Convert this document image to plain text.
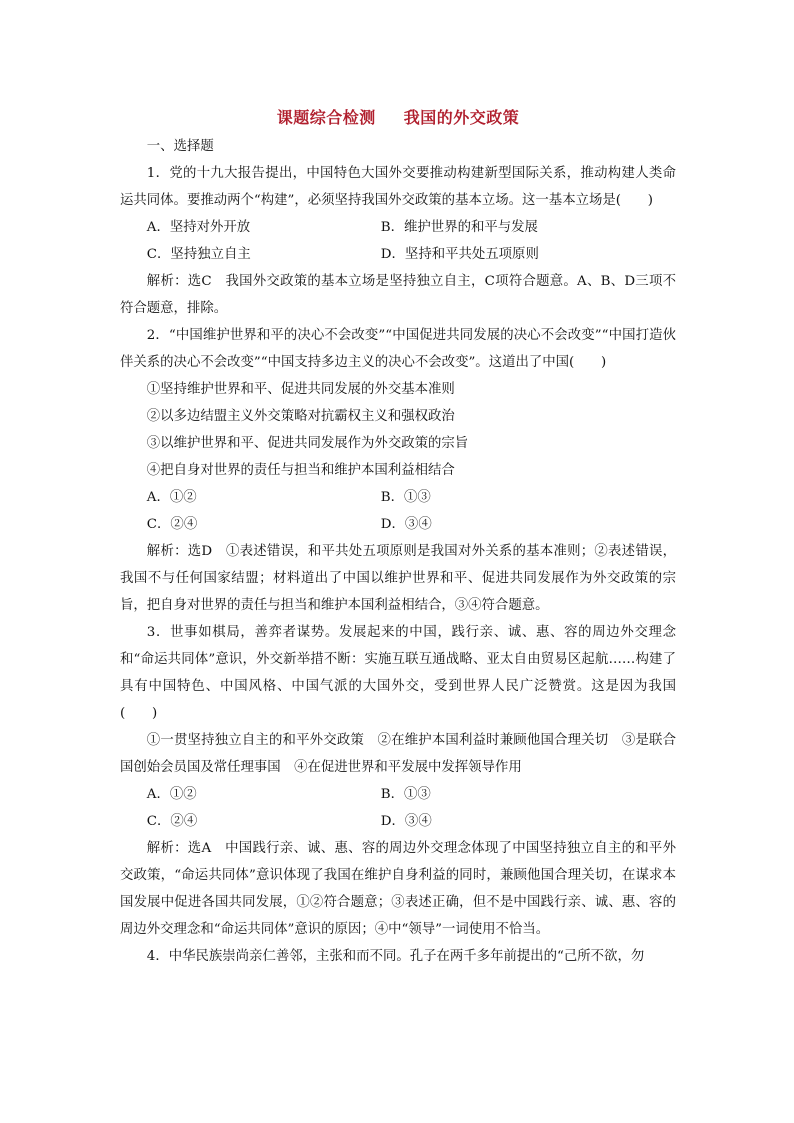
课题综合检测 我国的外交政策

一、选择题

1．党的十九大报告提出，中国特色大国外交要推动构建新型国际关系，推动构建人类命运共同体。要推动两个“构建”，必须坚持我国外交政策的基本立场。这一基本立场是(　　)

A．坚持对外开放	B．维护世界的和平与发展
C．坚持独立自主	D．坚持和平共处五项原则

解析：选C　我国外交政策的基本立场是坚持独立自主，C项符合题意。A、B、D三项不符合题意，排除。

2．“中国维护世界和平的决心不会改变”“中国促进共同发展的决心不会改变”“中国打造伙伴关系的决心不会改变”“中国支持多边主义的决心不会改变”。这道出了中国(　　)

①坚持维护世界和平、促进共同发展的外交基本准则

②以多边结盟主义外交策略对抗霸权主义和强权政治

③以维护世界和平、促进共同发展作为外交政策的宗旨

④把自身对世界的责任与担当和维护本国利益相结合

A．①②	B．①③
C．②④	D．③④

解析：选D　①表述错误，和平共处五项原则是我国对外关系的基本准则；②表述错误，我国不与任何国家结盟；材料道出了中国以维护世界和平、促进共同发展作为外交政策的宗旨，把自身对世界的责任与担当和维护本国利益相结合，③④符合题意。

3．世事如棋局，善弈者谋势。发展起来的中国，践行亲、诚、惠、容的周边外交理念和“命运共同体”意识，外交新举措不断：实施互联互通战略、亚太自由贸易区起航……构建了具有中国特色、中国风格、中国气派的大国外交，受到世界人民广泛赞赏。这是因为我国(　　)

①一贯坚持独立自主的和平外交政策　②在维护本国利益时兼顾他国合理关切　③是联合国创始会员国及常任理事国　④在促进世界和平发展中发挥领导作用

A．①②	B．①③
C．②④	D．③④

解析：选A　中国践行亲、诚、惠、容的周边外交理念体现了中国坚持独立自主的和平外交政策，“命运共同体”意识体现了我国在维护自身利益的同时，兼顾他国合理关切，在谋求本国发展中促进各国共同发展，①②符合题意；③表述正确，但不是中国践行亲、诚、惠、容的周边外交理念和“命运共同体”意识的原因；④中“领导”一词使用不恰当。

4．中华民族崇尚亲仁善邻，主张和而不同。孔子在两千多年前提出的“己所不欲，勿
